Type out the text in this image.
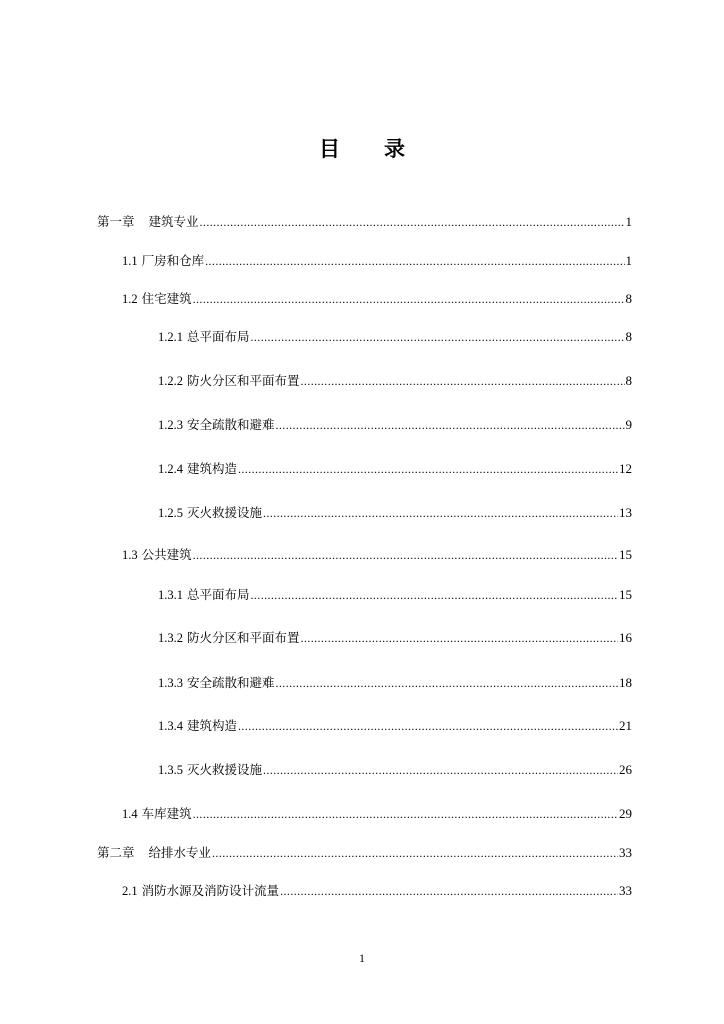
目 录
第一章 建筑专业 .....	1
1.1 厂房和仓库 .....	1
1.2 住宅建筑 .....	8
1.2.1 总平面布局 .....	8
1.2.2 防火分区和平面布置 .....	8
1.2.3 安全疏散和避难 .....	9
1.2.4 建筑构造 .....	12
1.2.5 灭火救援设施 .....	13
1.3 公共建筑 .....	15
1.3.1 总平面布局 .....	15
1.3.2 防火分区和平面布置 .....	16
1.3.3 安全疏散和避难 .....	18
1.3.4 建筑构造 .....	21
1.3.5 灭火救援设施 .....	26
1.4 车库建筑 .....	29
第二章 给排水专业 .....	33
2.1 消防水源及消防设计流量 .....	33
1
